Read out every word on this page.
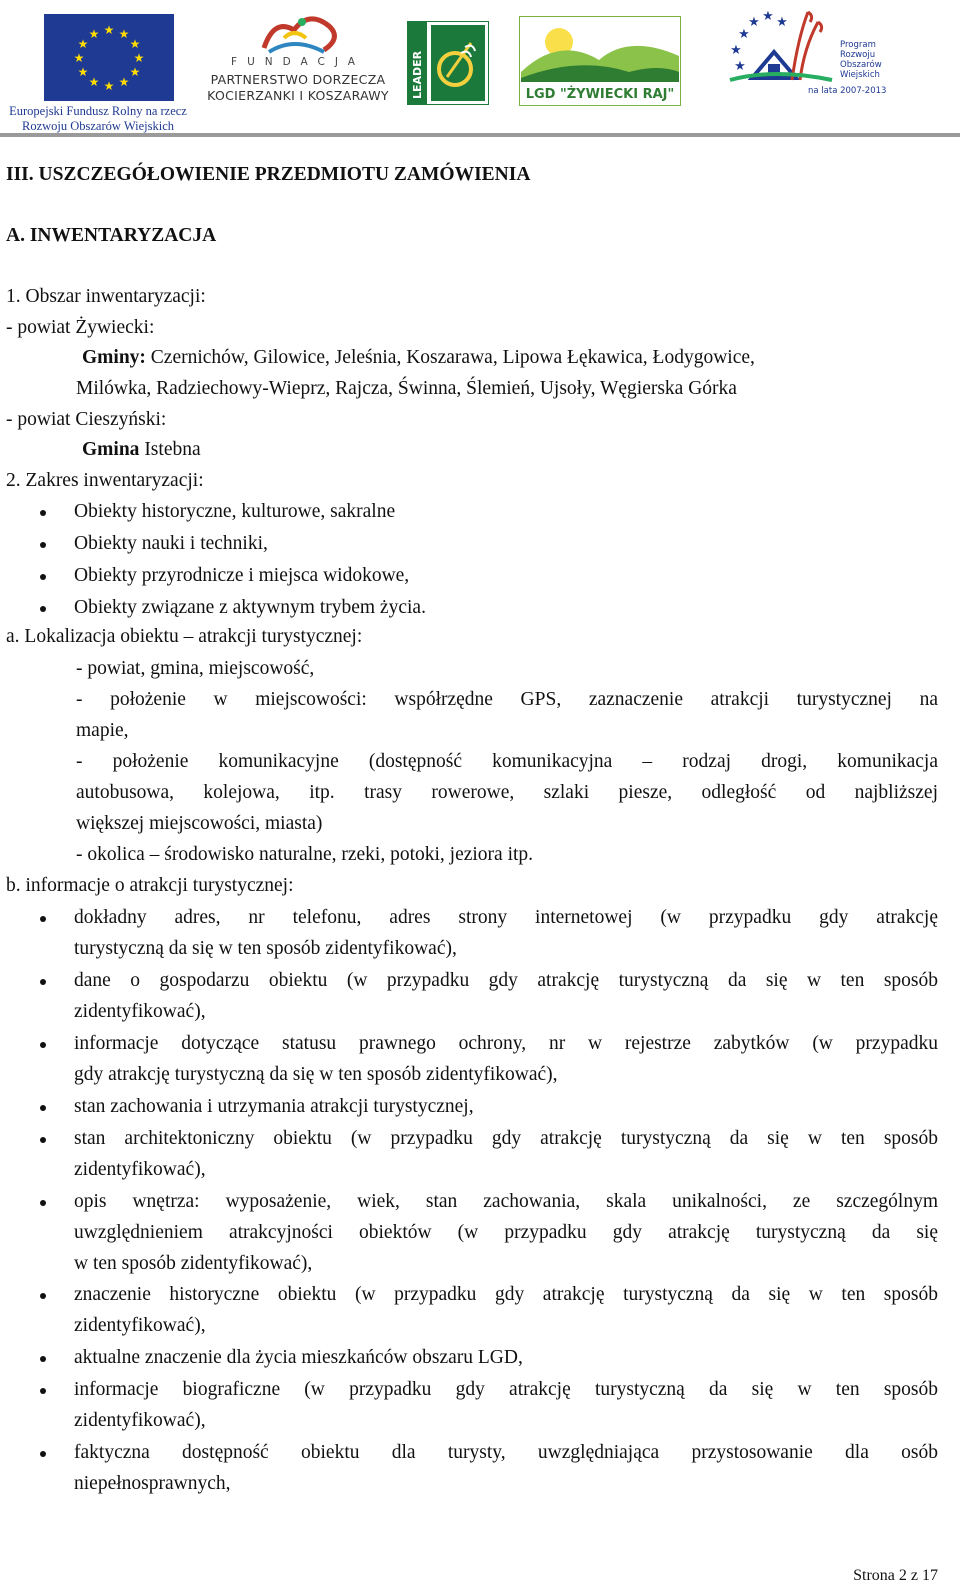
★ ★
★
★
★
★
★
★
★
★
★
★
Europejski Fundusz Rolny na rzecz
Rozwoju Obszarów Wiejskich
FUNDACJA
PARTNERSTWO DORZECZA
KOCIERZANKI I KOSZARAWY LEADER	LGD "ŻYWIECKI RAJ"
★
★ ★ ★
★
★
Program
Rozwoju
Obszarów
Wiejskich
na lata 2007-2013
III. USZCZEGÓŁOWIENIE PRZEDMIOTU ZAMÓWIENIA
A. INWENTARYZACJA
1. Obszar inwentaryzacji:
- powiat Żywiecki:
Gminy: Czernichów, Gilowice, Jeleśnia, Koszarawa, Lipowa Łękawica, Łodygowice,
Milówka, Radziechowy-Wieprz, Rajcza, Świnna, Ślemień, Ujsoły, Węgierska Górka
- powiat Cieszyński:
Gmina Istebna
2. Zakres inwentaryzacji:
Obiekty historyczne, kulturowe, sakralne
Obiekty nauki i techniki,
Obiekty przyrodnicze i miejsca widokowe,
Obiekty związane z aktywnym trybem życia.
a. Lokalizacja obiektu – atrakcji turystycznej:
- powiat, gmina, miejscowość,
- położenie w miejscowości: współrzędne GPS, zaznaczenie atrakcji turystycznej na
mapie,
- położenie komunikacyjne (dostępność komunikacyjna – rodzaj drogi, komunikacja
autobusowa, kolejowa, itp. trasy rowerowe, szlaki piesze, odległość od najbliższej
większej miejscowości, miasta)
- okolica – środowisko naturalne, rzeki, potoki, jeziora itp.
b. informacje o atrakcji turystycznej:
dokładny adres, nr telefonu, adres strony internetowej (w przypadku gdy atrakcję
turystyczną da się w ten sposób zidentyfikować),
dane o gospodarzu obiektu (w przypadku gdy atrakcję turystyczną da się w ten sposób
zidentyfikować),
informacje dotyczące statusu prawnego ochrony, nr w rejestrze zabytków (w przypadku
gdy atrakcję turystyczną da się w ten sposób zidentyfikować),
stan zachowania i utrzymania atrakcji turystycznej,
stan architektoniczny obiektu (w przypadku gdy atrakcję turystyczną da się w ten sposób
zidentyfikować),
opis wnętrza: wyposażenie, wiek, stan zachowania, skala unikalności, ze szczególnym
uwzględnieniem atrakcyjności obiektów (w przypadku gdy atrakcję turystyczną da się
w ten sposób zidentyfikować),
znaczenie historyczne obiektu (w przypadku gdy atrakcję turystyczną da się w ten sposób
zidentyfikować),
aktualne znaczenie dla życia mieszkańców obszaru LGD,
informacje biograficzne (w przypadku gdy atrakcję turystyczną da się w ten sposób
zidentyfikować),
faktyczna dostępność obiektu dla turysty, uwzględniająca przystosowanie dla osób
niepełnosprawnych,
Strona 2 z 17
